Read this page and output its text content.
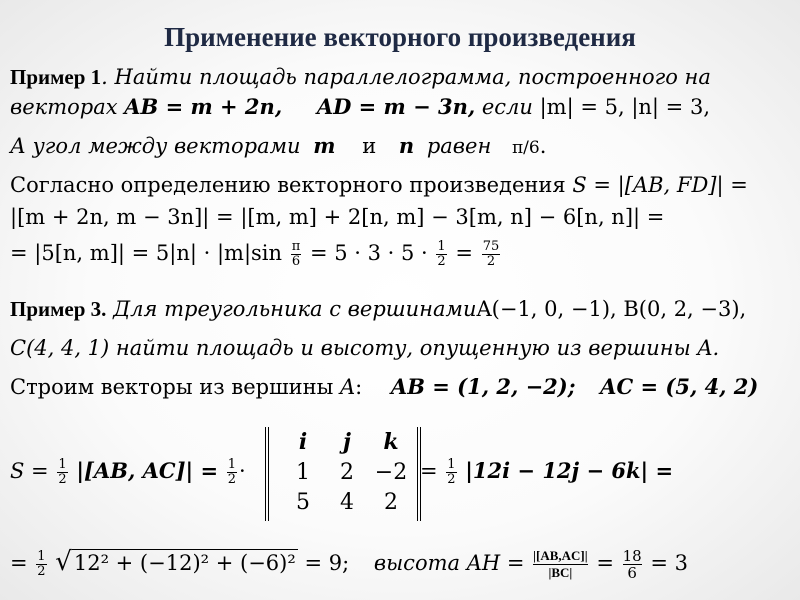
Применение векторного произведения
Пример 1. Найти площадь параллелограмма, построенного на
векторах AB = m + 2n, AD = m − 3n, если |m| = 5, |n| = 3,
А угол между векторами m и n равен π/6.
Согласно определению векторного произведения S = |[AB, FD]| =
|[m + 2n, m − 3n]| = |[m, m] + 2[n, m] − 3[m, n] − 6[n, n]| =
= |5[n, $m]| = 5|n| \cdot |m|\sin \frac{\pi}{6} = 5 \cdot 3 \cdot 5 \cdot \frac{1}{2} = \frac{75}{2}$
Пример 3. Для треугольника с вершинамиA(−1, 0, −1), B(0, 2, −3),
C(4, 4, 1) найти площадь и высоту, опущенную из вершины A.
Строим векторы из вершины A: AB = (1, 2, −2); AC = (5, 4, 2)
$S = \frac{1}{2} |[AB$, $AC]| = \frac{1}{2}$ ·
i	j	k
1	2	−2
5	4	2
= $\frac{1}{2} |12i - 12j - 6k|$ =
= $\frac{1}{2} √12^2 + (-12)^2 + (-6)^2 = 9$; высота AH = $\frac{|[AB,AC]|}{|BC|} = \frac{18}{6} = 3$
